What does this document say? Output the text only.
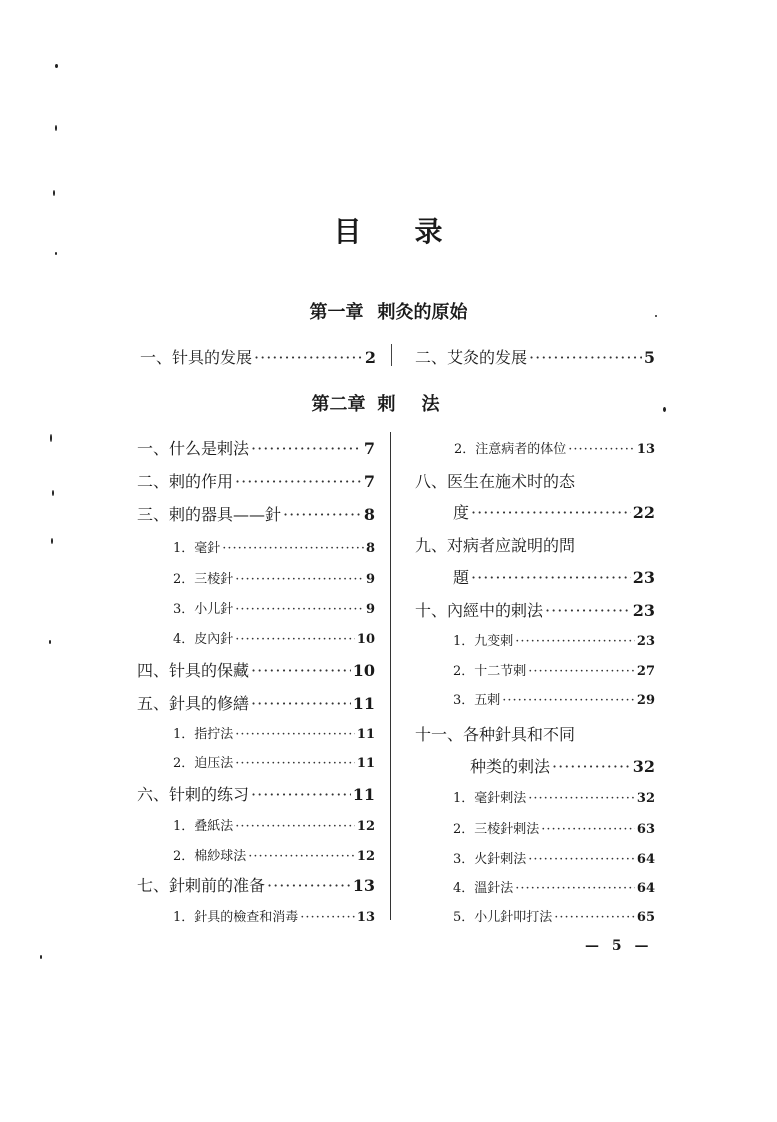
目 录
第一章 剌灸的原始
一、针具的发展 ·····	2 二、艾灸的发展 ·····	5
第二章 剌法
一、什么是剌法 ·····	7
二、剌的作用 ·····	7
三、剌的器具——針 ·····	8
1．毫針 ·····	8
2．三棱針 ·····	9
3．小儿針 ·····	9
4．皮內針 ·····	10
四、针具的保藏 ·····	10
五、針具的修繕 ·····	11
1．指拧法 ·····	11
2．迫压法 ·····	11
六、针剌的练习 ·····	11
1．叠紙法 ·····	12
2．棉紗球法 ·····	12
七、針剌前的准备 ·····	13
1．針具的檢查和消毒 ·····	13
2．注意病者的体位 ·····	13
八、医生在施术时的态
度 ·····	22
九、对病者应說明的問
題 ·····	23
十、內經中的剌法 ·····	23
1．九变剌 ·····	23
2．十二节剌 ·····	27
3．五剌 ·····	29
十一、各种針具和不同
种类的剌法 ·····	32
1．毫針剌法 ·····	32
2．三棱針剌法 ·····	63
3．火針剌法 ·····	64
4．溫針法 ·····	64
5．小儿針叩打法 ·····	65
— 5 —
